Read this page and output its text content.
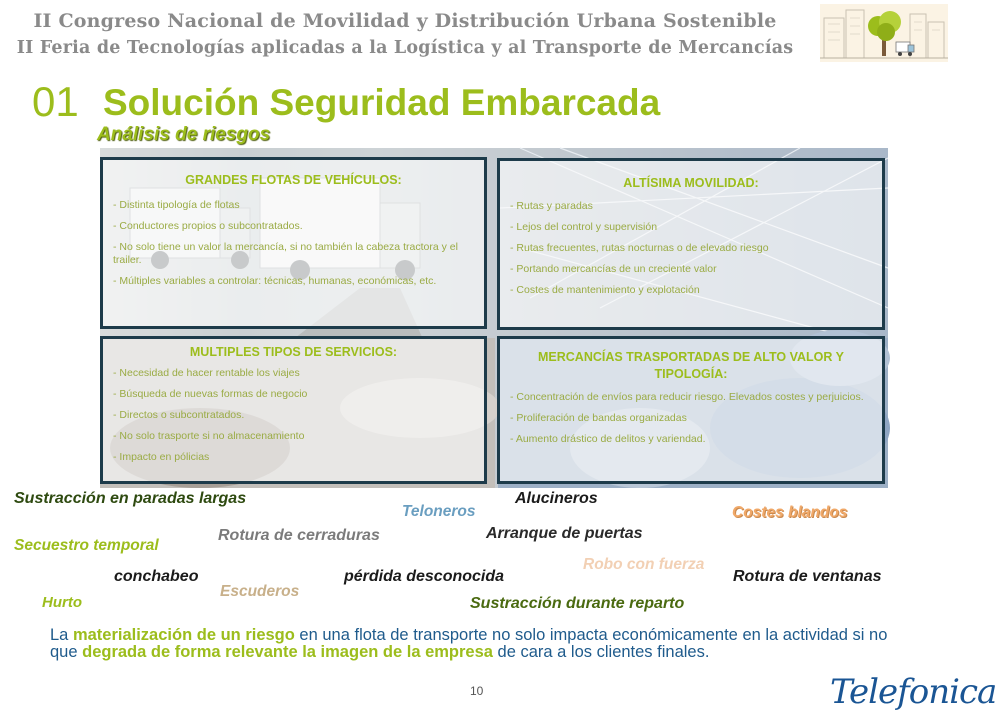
II Congreso Nacional de Movilidad y Distribución Urbana Sostenible
II Feria de Tecnologías aplicadas a la Logística y al Transporte de Mercancías
01 Solución Seguridad Embarcada
Análisis de riesgos
GRANDES FLOTAS DE VEHÍCULOS:
- Distinta tipología de flotas
- Conductores propios o subcontratados.
- No solo tiene un valor la mercancía, si no también la cabeza tractora y el trailer.
- Múltiples variables a controlar: técnicas, humanas, económicas, etc.
ALTÍSIMA MOVILIDAD:
- Rutas y paradas
- Lejos del control y supervisión
- Rutas frecuentes, rutas nocturnas o de elevado riesgo
- Portando mercancías de un creciente valor
- Costes de mantenimiento y explotación
MULTIPLES TIPOS DE SERVICIOS:
- Necesidad de hacer rentable los viajes
- Búsqueda de nuevas formas de negocio
- Directos o subcontratados.
- No solo trasporte si no almacenamiento
- Impacto en pólicias
MERCANCÍAS TRASPORTADAS DE ALTO VALOR Y TIPOLOGÍA:
- Concentración de envíos para reducir riesgo. Elevados costes y perjuicios.
- Proliferación de bandas organizadas
- Aumento drástico de delitos y variendad.
Sustracción en paradas largas
Teloneros
Alucineros
Costes blandos
Rotura de cerraduras	Arranque de puertas
Secuestro temporal
Robo con fuerza
conchabeo	pérdida desconocida	Rotura de ventanas
Escuderos
Hurto	Sustracción durante reparto
La materialización de un riesgo en una flota de transporte no solo impacta económicamente en la actividad si no que degrada de forma relevante la imagen de la empresa de cara a los clientes finales.
10	Telefonica
